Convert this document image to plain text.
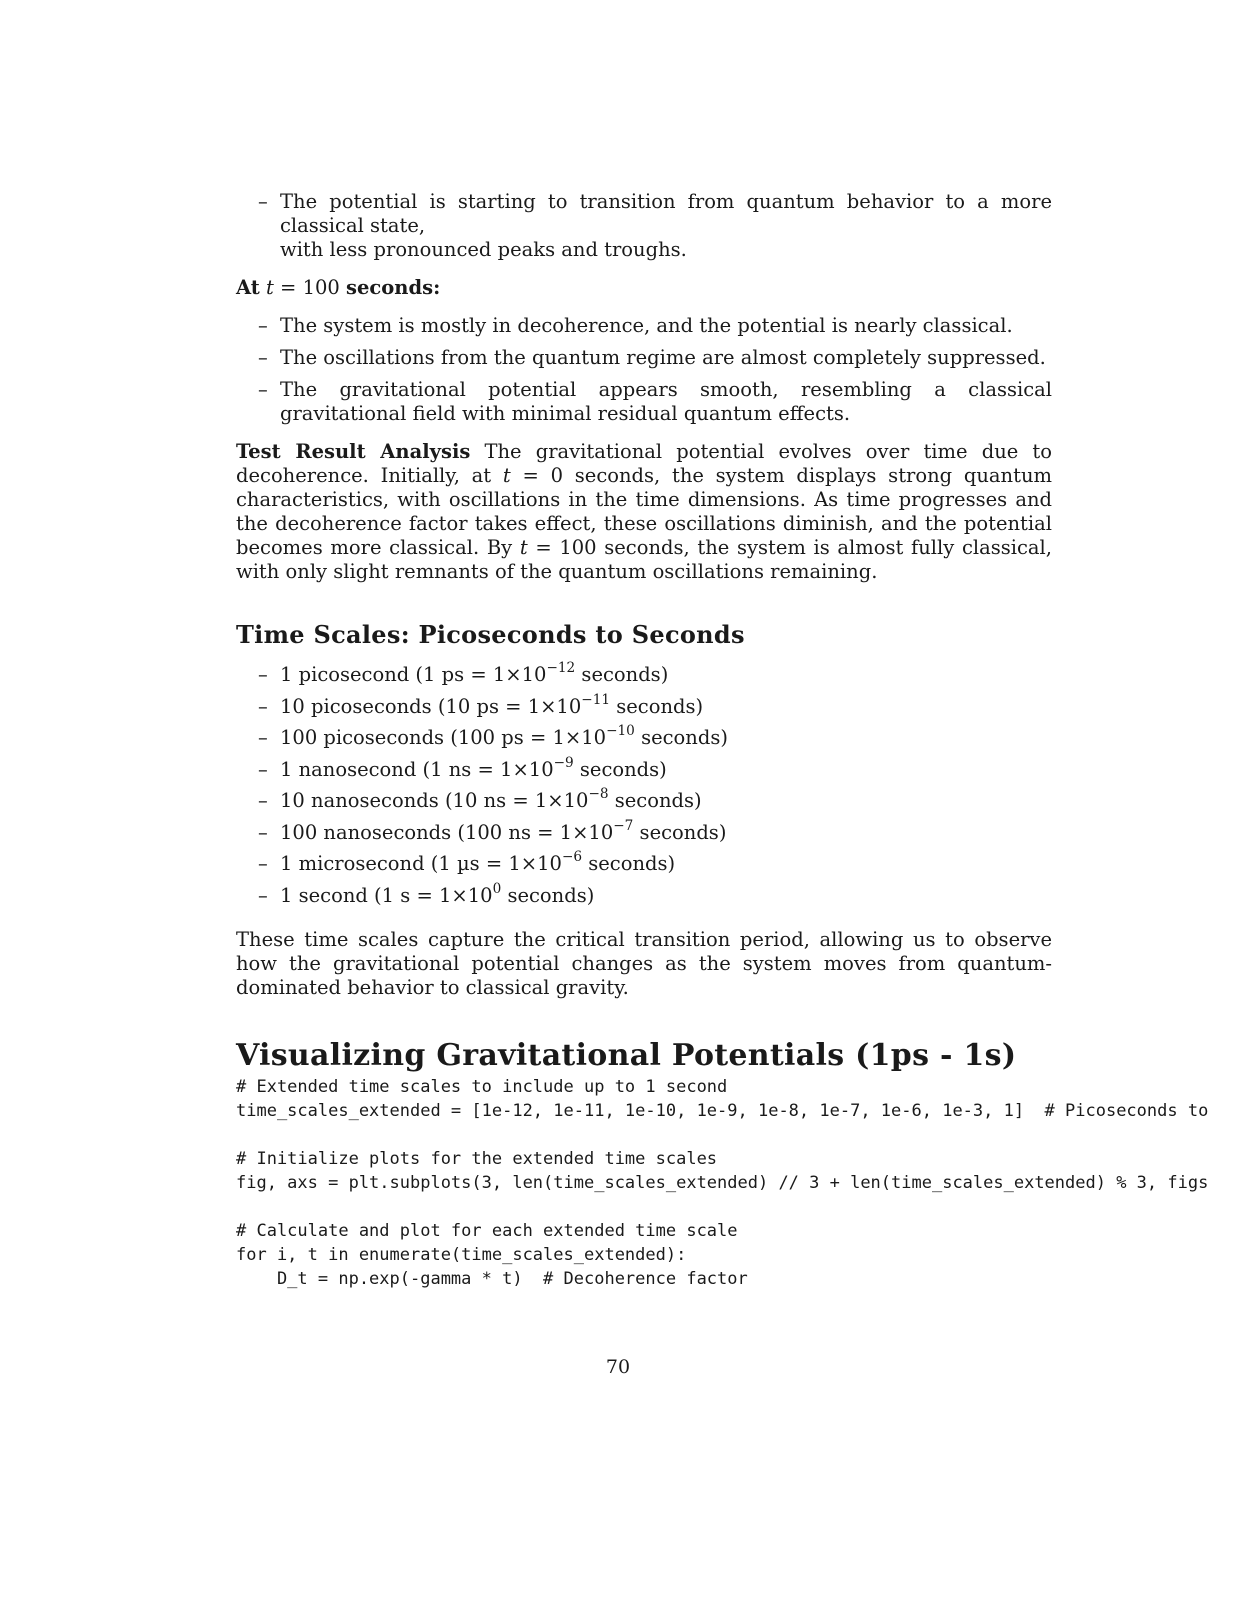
– The potential is starting to transition from quantum behavior to a more classical state,
with less pronounced peaks and troughs.

At t = 100 seconds:

– The system is mostly in decoherence, and the potential is nearly classical.
– The oscillations from the quantum regime are almost completely suppressed.
– The gravitational potential appears smooth, resembling a classical gravitational field with minimal residual quantum effects.

Test Result Analysis The gravitational potential evolves over time due to decoherence. Initially, at t = 0 seconds, the system displays strong quantum characteristics, with oscillations in the time dimensions. As time progresses and the decoherence factor takes effect, these oscillations diminish, and the potential becomes more classical. By t = 100 seconds, the system is almost fully classical, with only slight remnants of the quantum oscillations remaining.

Time Scales: Picoseconds to Seconds
– 1 picosecond (1 ps = $1\times 10^{-12}$ seconds)
– 10 picoseconds (10 ps = $1\times 10^{-11}$ seconds)
– 100 picoseconds (100 ps = $1\times 10^{-10}$ seconds)
– 1 nanosecond (1 ns = $1\times 10^{-9}$ seconds)
– 10 nanoseconds (10 ns = $1\times 10^{-8}$ seconds)
– 100 nanoseconds (100 ns = $1\times 10^{-7}$ seconds)
– 1 microsecond (1 $\mu s = 1\times 10^{-6}$ seconds)
– 1 second (1 $s = 1\times 10^0$ seconds)

These time scales capture the critical transition period, allowing us to observe how the gravitational potential changes as the system moves from quantum-dominated behavior to classical gravity.

Visualizing Gravitational Potentials (1ps - 1s)
# Extended time scales to include up to 1 second
time_scales_extended = [1e-12, 1e-11, 1e-10, 1e-9, 1e-8, 1e-7, 1e-6, 1e-3, 1]  # Picoseconds to

# Initialize plots for the extended time scales
fig, axs = plt.subplots(3, len(time_scales_extended) // 3 + len(time_scales_extended) % 3, figs

# Calculate and plot for each extended time scale
for i, t in enumerate(time_scales_extended):
D_t = np.exp(-gamma * t)  # Decoherence factor
70
